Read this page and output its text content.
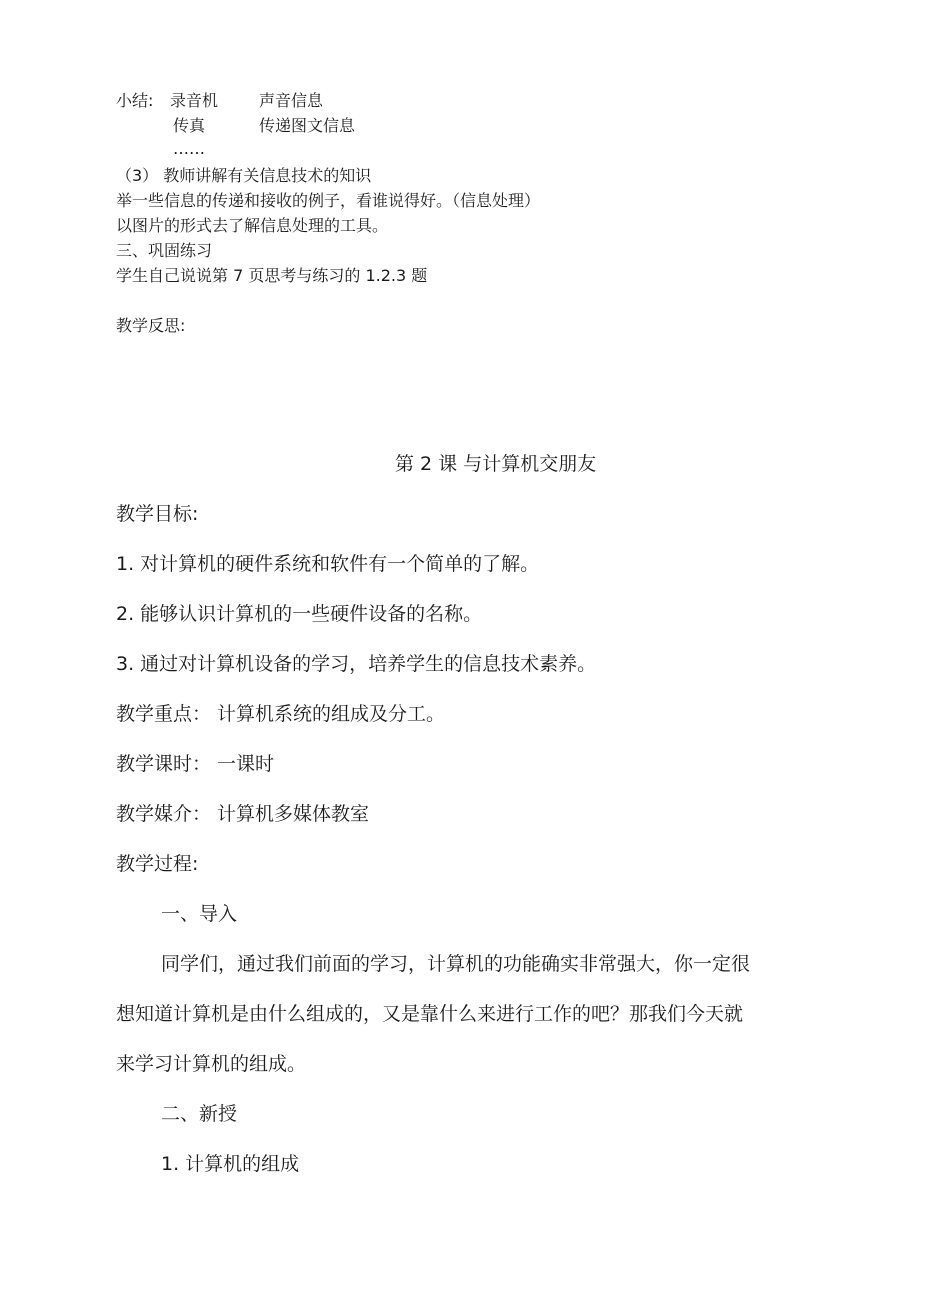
小结: 录音机	声音信息
传真	传递图文信息
……
（3） 教师讲解有关信息技术的知识
举一些信息的传递和接收的例子，看谁说得好。（信息处理）
以图片的形式去了解信息处理的工具。
三、巩固练习
学生自己说说第 7 页思考与练习的 1.2.3 题
教学反思:
第 2 课 与计算机交朋友
教学目标:
1. 对计算机的硬件系统和软件有一个简单的了解。
2. 能够认识计算机的一些硬件设备的名称。
3. 通过对计算机设备的学习，培养学生的信息技术素养。
教学重点： 计算机系统的组成及分工。
教学课时： 一课时
教学媒介： 计算机多媒体教室
教学过程:
一、导入
同学们，通过我们前面的学习，计算机的功能确实非常强大，你一定很
想知道计算机是由什么组成的，又是靠什么来进行工作的吧？那我们今天就
来学习计算机的组成。
二、新授
1. 计算机的组成
